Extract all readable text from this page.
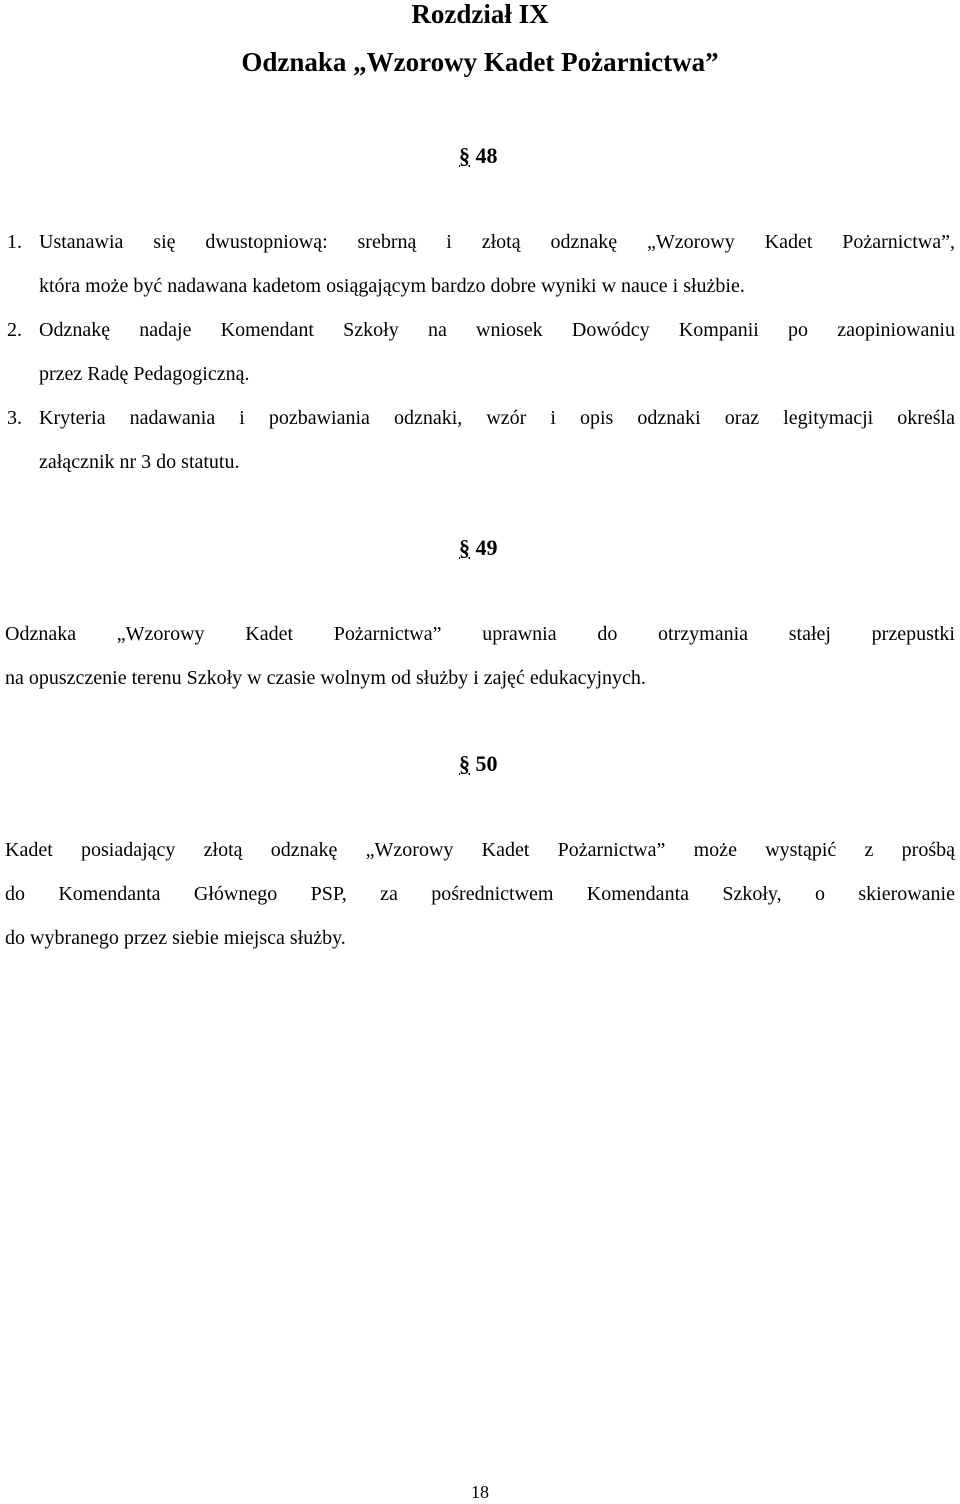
Rozdział IX
Odznaka „Wzorowy Kadet Pożarnictwa”
§ 48
1. Ustanawia się dwustopniową: srebrną i złotą odznakę „Wzorowy Kadet Pożarnictwa”,
która może być nadawana kadetom osiągającym bardzo dobre wyniki w nauce i służbie.
2. Odznakę nadaje Komendant Szkoły na wniosek Dowódcy Kompanii po zaopiniowaniu
przez Radę Pedagogiczną.
3. Kryteria nadawania i pozbawiania odznaki, wzór i opis odznaki oraz legitymacji określa
załącznik nr 3 do statutu.
§ 49
Odznaka „Wzorowy Kadet Pożarnictwa” uprawnia do otrzymania stałej przepustki
na opuszczenie terenu Szkoły w czasie wolnym od służby i zajęć edukacyjnych.
§ 50
Kadet posiadający złotą odznakę „Wzorowy Kadet Pożarnictwa” może wystąpić z prośbą
do Komendanta Głównego PSP, za pośrednictwem Komendanta Szkoły, o skierowanie
do wybranego przez siebie miejsca służby.
18
